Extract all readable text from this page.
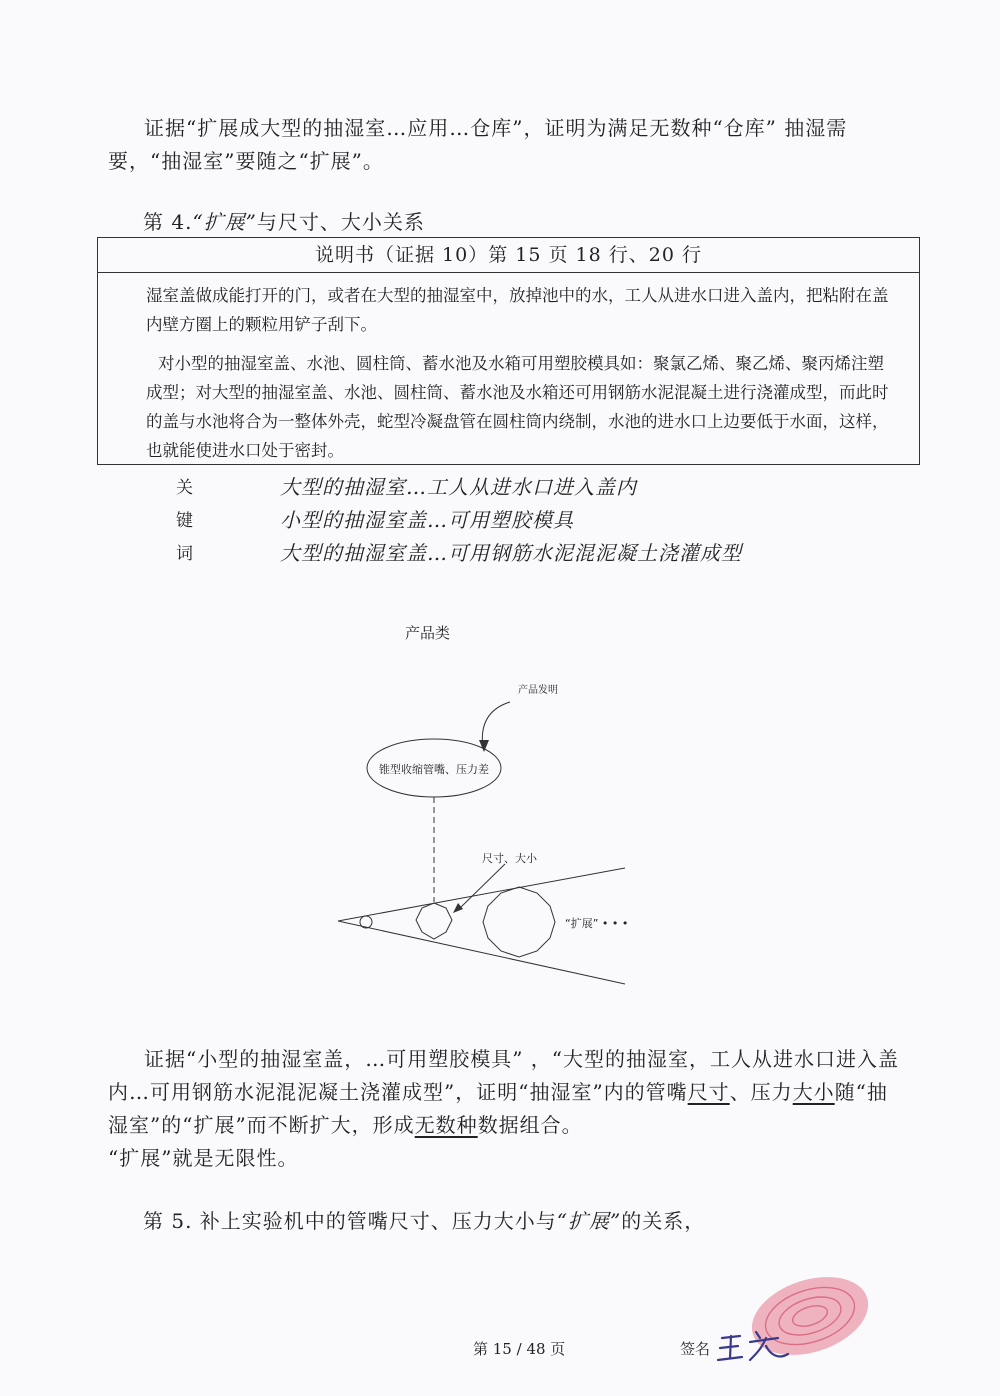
证据“扩展成大型的抽湿室…应用…仓库”，证明为满足无数种“仓库” 抽湿需要，“抽湿室”要随之“扩展”。
第 4.“扩展”与尺寸、大小关系
说明书（证据 10）第 15 页 18 行、20 行
湿室盖做成能打开的门，或者在大型的抽湿室中，放掉池中的水，工人从进水口进入盖内，把粘附在盖内壁方圈上的颗粒用铲子刮下。
对小型的抽湿室盖、水池、圆柱筒、蓄水池及水箱可用塑胶模具如：聚氯乙烯、聚乙烯、聚丙烯注塑成型；对大型的抽湿室盖、水池、圆柱筒、蓄水池及水箱还可用钢筋水泥混凝土进行浇灌成型，而此时的盖与水池将合为一整体外壳，蛇型冷凝盘管在圆柱筒内绕制，水池的进水口上边要低于水面，这样，也就能使进水口处于密封。
关
键
词
大型的抽湿室…工人从进水口进入盖内
小型的抽湿室盖…可用塑胶模具
大型的抽湿室盖…可用钢筋水泥混泥凝土浇灌成型
产品类
产品发明
锥型收缩管嘴、压力差
尺寸、大小
“扩展” • • •
证据“小型的抽湿室盖，…可用塑胶模具” ，“大型的抽湿室，工人从进水口进入盖内…可用钢筋水泥混泥凝土浇灌成型”，证明“抽湿室”内的管嘴尺寸、压力大小随“抽湿室”的“扩展”而不断扩大，形成无数种数据组合。
“扩展”就是无限性。
第 5. 补上实验机中的管嘴尺寸、压力大小与“扩展”的关系，
第 15 / 48 页	签名
